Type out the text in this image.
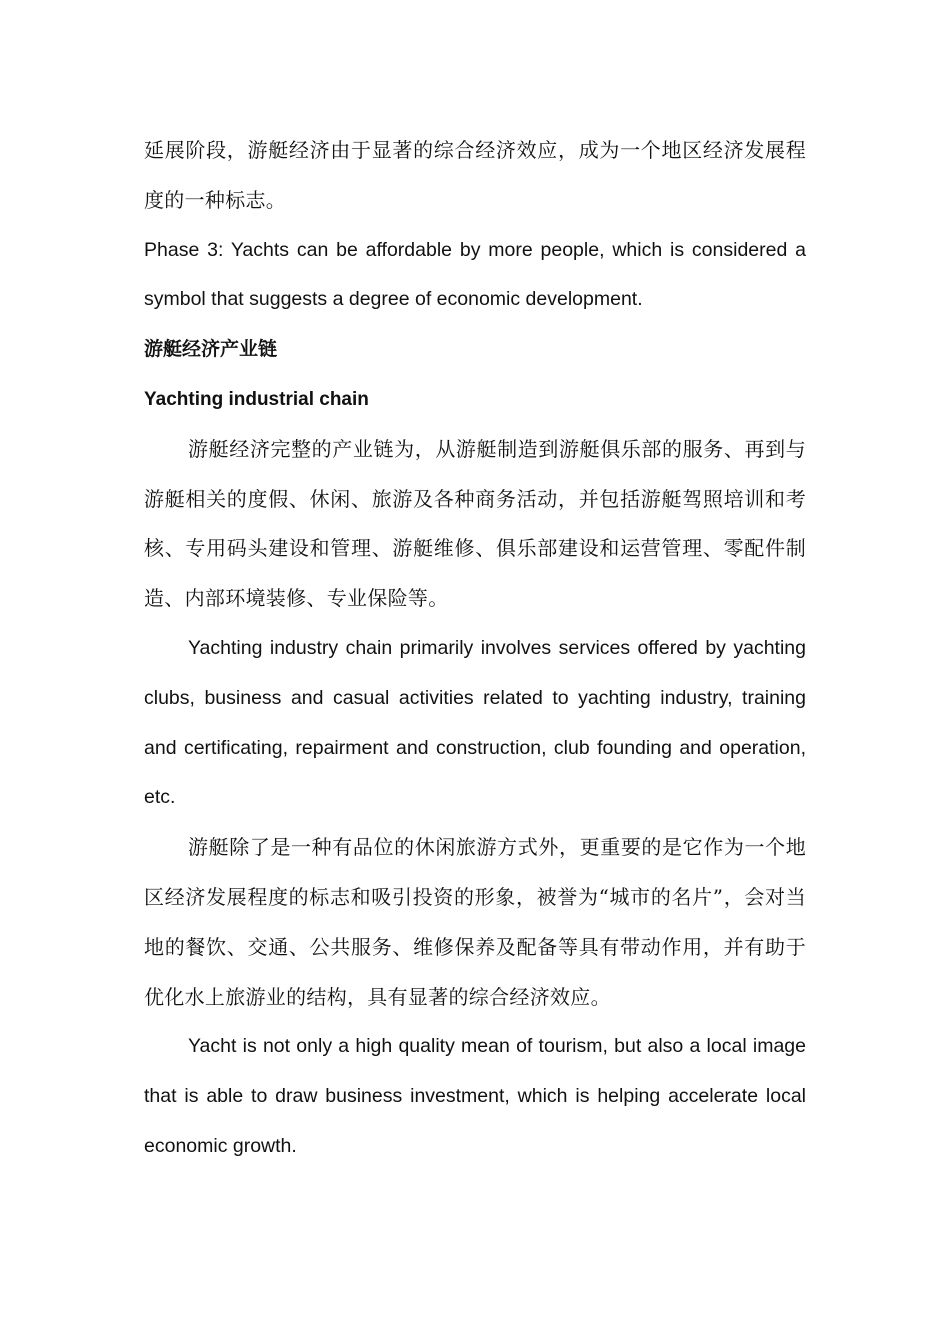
延展阶段，游艇经济由于显著的综合经济效应，成为一个地区经济发展程度的一种标志。

Phase 3: Yachts can be affordable by more people, which is considered a symbol that suggests a degree of economic development.

游艇经济产业链

Yachting industrial chain

游艇经济完整的产业链为，从游艇制造到游艇俱乐部的服务、再到与游艇相关的度假、休闲、旅游及各种商务活动，并包括游艇驾照培训和考核、专用码头建设和管理、游艇维修、俱乐部建设和运营管理、零配件制造、内部环境装修、专业保险等。

Yachting industry chain primarily involves services offered by yachting clubs, business and casual activities related to yachting industry, training and certificating, repairment and construction, club founding and operation, etc.

游艇除了是一种有品位的休闲旅游方式外，更重要的是它作为一个地区经济发展程度的标志和吸引投资的形象，被誉为“城市的名片”，会对当地的餐饮、交通、公共服务、维修保养及配备等具有带动作用，并有助于优化水上旅游业的结构，具有显著的综合经济效应。

Yacht is not only a high quality mean of tourism, but also a local image that is able to draw business investment, which is helping accelerate local economic growth.
